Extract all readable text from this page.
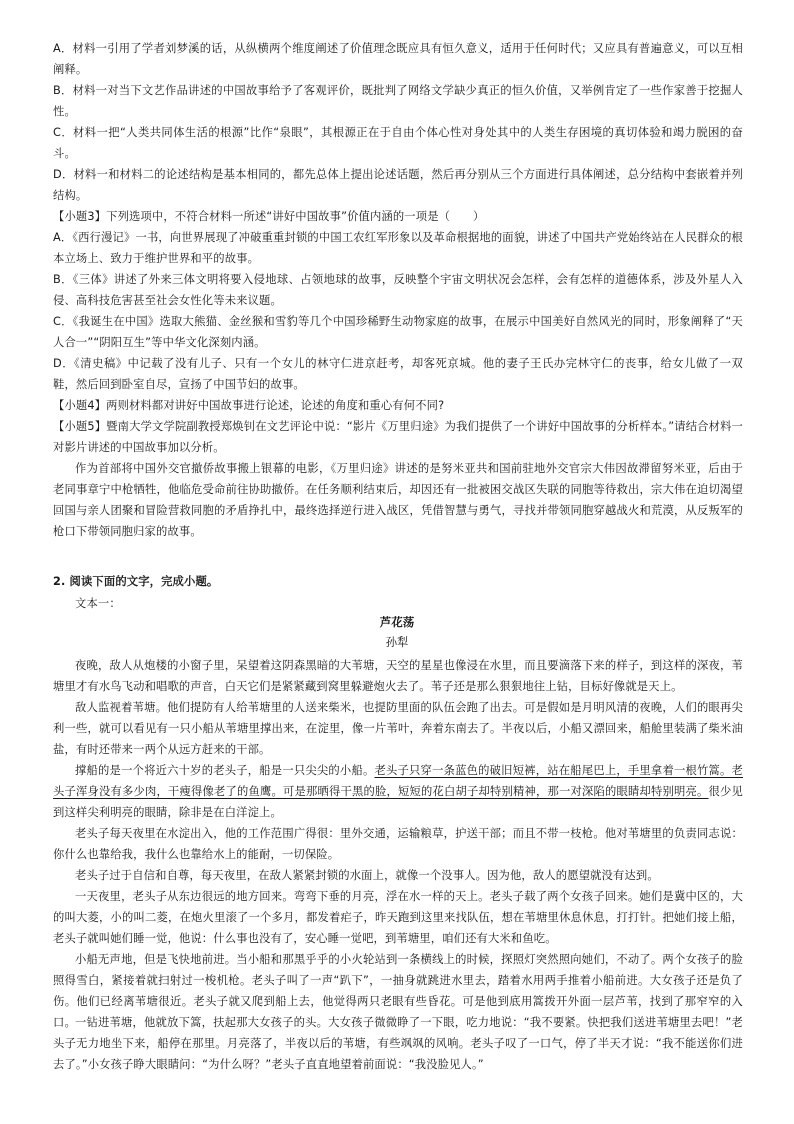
A．材料一引用了学者刘梦溪的话，从纵横两个维度阐述了价值理念既应具有恒久意义，适用于任何时代；又应具有普遍意义，可以互相阐释。

B．材料一对当下文艺作品讲述的中国故事给予了客观评价，既批判了网络文学缺少真正的恒久价值，又举例肯定了一些作家善于挖掘人性。

C．材料一把“人类共同体生活的根源”比作“泉眼”，其根源正在于自由个体心性对身处其中的人类生存困境的真切体验和竭力脱困的奋斗。

D．材料一和材料二的论述结构是基本相同的，都先总体上提出论述话题，然后再分别从三个方面进行具体阐述，总分结构中套嵌着并列结构。

【小题3】下列选项中，不符合材料一所述“讲好中国故事”价值内涵的一项是（　　）

A．《西行漫记》一书，向世界展现了冲破重重封锁的中国工农红军形象以及革命根据地的面貌，讲述了中国共产党始终站在人民群众的根本立场上、致力于维护世界和平的故事。

B．《三体》讲述了外来三体文明将要入侵地球、占领地球的故事，反映整个宇宙文明状况会怎样，会有怎样的道德体系，涉及外星人入侵、高科技危害甚至社会女性化等未来议题。

C．《我诞生在中国》选取大熊猫、金丝猴和雪豹等几个中国珍稀野生动物家庭的故事，在展示中国美好自然风光的同时，形象阐释了“天人合一”“阴阳互生”等中华文化深刻内涵。

D．《清史稿》中记载了没有儿子、只有一个女儿的林守仁进京赶考，却客死京城。他的妻子王氏办完林守仁的丧事，给女儿做了一双鞋，然后回到卧室自尽，宣扬了中国节妇的故事。

【小题4】两则材料都对讲好中国故事进行论述，论述的角度和重心有何不同?

【小题5】暨南大学文学院副教授郑焕钊在文艺评论中说：“影片《万里归途》为我们提供了一个讲好中国故事的分析样本。”请结合材料一对影片讲述的中国故事加以分析。

作为首部将中国外交官撤侨故事搬上银幕的电影，《万里归途》讲述的是努米亚共和国前驻地外交官宗大伟因故滞留努米亚，后由于老同事章宁中枪牺牲，他临危受命前往协助撤侨。在任务顺利结束后，却因还有一批被困交战区失联的同胞等待救出，宗大伟在迫切渴望回国与亲人团聚和冒险营救同胞的矛盾挣扎中，最终选择逆行进入战区，凭借智慧与勇气，寻找并带领同胞穿越战火和荒漠，从反叛军的枪口下带领同胞归家的故事。

2. 阅读下面的文字，完成小题。

文本一：

芦花荡
孙犁

夜晚，敌人从炮楼的小窗子里，呆望着这阴森黑暗的大苇塘，天空的星星也像浸在水里，而且要滴落下来的样子，到这样的深夜，苇塘里才有水鸟飞动和唱歌的声音，白天它们是紧紧藏到窝里躲避炮火去了。苇子还是那么狠狠地往上钻，目标好像就是天上。

敌人监视着苇塘。他们提防有人给苇塘里的人送来柴米，也提防里面的队伍会跑了出去。可是假如是月明风清的夜晚，人们的眼再尖利一些，就可以看见有一只小船从苇塘里撑出来，在淀里，像一片苇叶，奔着东南去了。半夜以后，小船又漂回来，船舱里装满了柴米油盐，有时还带来一两个从远方赶来的干部。

撑船的是一个将近六十岁的老头子，船是一只尖尖的小船。老头子只穿一条蓝色的破旧短裤，站在船尾巴上，手里拿着一根竹篙。老头子浑身没有多少肉，干瘦得像老了的鱼鹰。可是那晒得干黑的脸，短短的花白胡子却特别精神，那一对深陷的眼睛却特别明亮。很少见到这样尖利明亮的眼睛，除非是在白洋淀上。

老头子每天夜里在水淀出入，他的工作范围广得很：里外交通，运输粮草，护送干部；而且不带一枝枪。他对苇塘里的负责同志说：你什么也靠给我，我什么也靠给水上的能耐，一切保险。

老头子过于自信和自尊，每天夜里，在敌人紧紧封锁的水面上，就像一个没事人。因为他，敌人的愿望就没有达到。

一天夜里，老头子从东边很远的地方回来。弯弯下垂的月亮，浮在水一样的天上。老头子载了两个女孩子回来。她们是冀中区的，大的叫大菱，小的叫二菱，在炮火里滚了一个多月，都发着疟子，昨天跑到这里来找队伍，想在苇塘里休息休息，打打针。把她们接上船，老头子就叫她们睡一觉，他说：什么事也没有了，安心睡一觉吧，到苇塘里，咱们还有大米和鱼吃。

小船无声地，但是飞快地前进。当小船和那黑乎乎的小火轮站到一条横线上的时候，探照灯突然照向她们，不动了。两个女孩子的脸照得雪白，紧接着就扫射过一梭机枪。老头子叫了一声“趴下”，一抽身就跳进水里去，踏着水用两手推着小船前进。大女孩子还是负了伤。他们已经离苇塘很近。老头子就又爬到船上去，他觉得两只老眼有些昏花。可是他到底用篙拨开外面一层芦苇，找到了那窄窄的入口。 一钻进苇塘，他就放下篙，扶起那大女孩子的头。大女孩子微微睁了一下眼，吃力地说：“我不要紧。快把我们送进苇塘里去吧！”老头子无力地坐下来，船停在那里。月亮落了，半夜以后的苇塘，有些飒飒的风响。老头子叹了一口气，停了半天才说：“我不能送你们进去了。”小女孩子睁大眼睛问：“为什么呀？”老头子直直地望着前面说：“我没脸见人。”
